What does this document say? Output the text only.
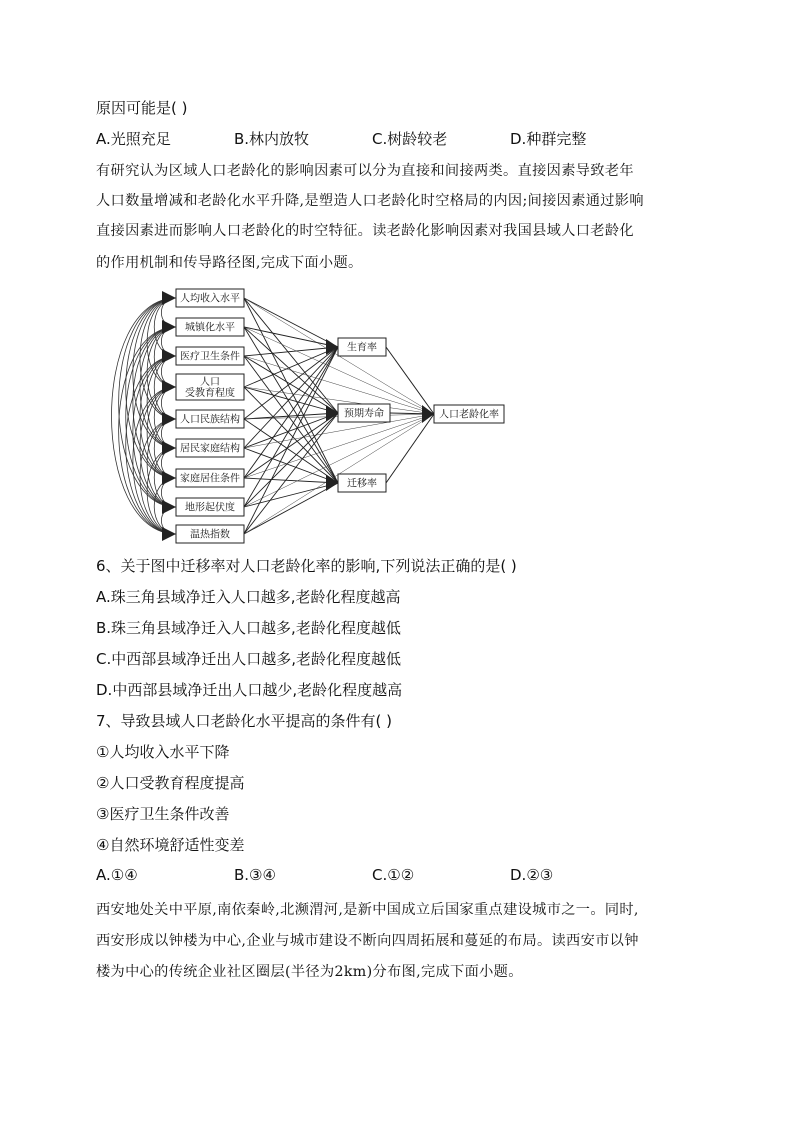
原因可能是( )
A.光照充足	B.林内放牧	C.树龄较老	D.种群完整
有研究认为区域人口老龄化的影响因素可以分为直接和间接两类。直接因素导致老年
人口数量增减和老龄化水平升降,是塑造人口老龄化时空格局的内因;间接因素通过影响
直接因素进而影响人口老龄化的时空特征。读老龄化影响因素对我国县域人口老龄化
的作用机制和传导路径图,完成下面小题。
人均收入水平
城镇化水平
医疗卫生条件
人口
受教育程度
人口民族结构
居民家庭结构
家庭居住条件
地形起伏度
温热指数
生育率
预期寿命
迁移率
人口老龄化率
6、关于图中迁移率对人口老龄化率的影响,下列说法正确的是( )
A.珠三角县域净迁入人口越多,老龄化程度越高
B.珠三角县域净迁入人口越多,老龄化程度越低
C.中西部县域净迁出人口越多,老龄化程度越低
D.中西部县域净迁出人口越少,老龄化程度越高
7、导致县域人口老龄化水平提高的条件有( )
①人均收入水平下降
②人口受教育程度提高
③医疗卫生条件改善
④自然环境舒适性变差
A.①④	B.③④	C.①②	D.②③
西安地处关中平原,南依秦岭,北濒渭河,是新中国成立后国家重点建设城市之一。同时,
西安形成以钟楼为中心,企业与城市建设不断向四周拓展和蔓延的布局。读西安市以钟
楼为中心的传统企业社区圈层(半径为2km)分布图,完成下面小题。
